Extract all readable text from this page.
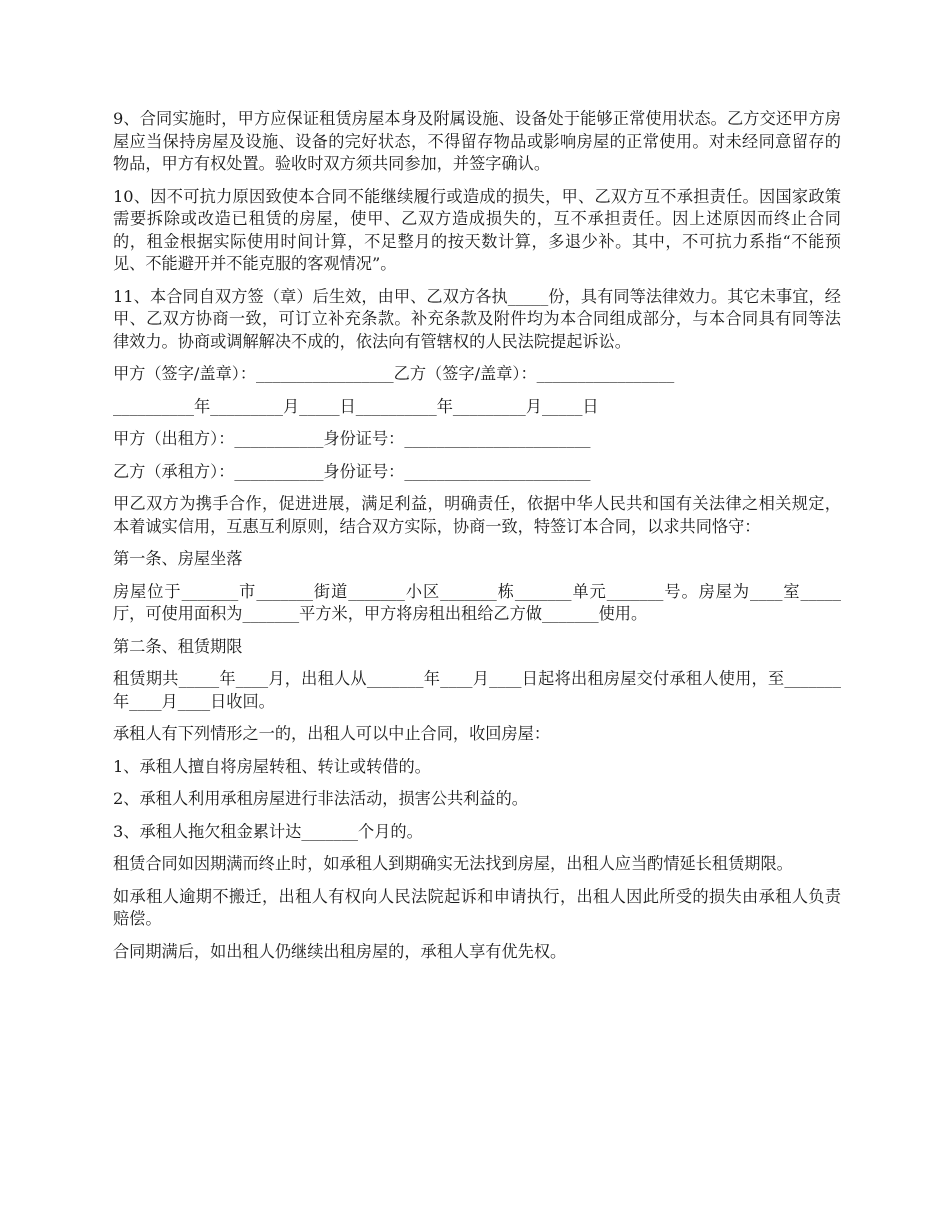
9、合同实施时，甲方应保证租赁房屋本身及附属设施、设备处于能够正常使用状态。乙方交还甲方房屋应当保持房屋及设施、设备的完好状态，不得留存物品或影响房屋的正常使用。对未经同意留存的物品，甲方有权处置。验收时双方须共同参加，并签字确认。

10、因不可抗力原因致使本合同不能继续履行或造成的损失，甲、乙双方互不承担责任。因国家政策需要拆除或改造已租赁的房屋，使甲、乙双方造成损失的，互不承担责任。因上述原因而终止合同的，租金根据实际使用时间计算，不足整月的按天数计算，多退少补。其中，不可抗力系指“不能预见、不能避开并不能克服的客观情况”。

11、本合同自双方签（章）后生效，由甲、乙双方各执_____份，具有同等法律效力。其它未事宜，经甲、乙双方协商一致，可订立补充条款。补充条款及附件均为本合同组成部分，与本合同具有同等法律效力。协商或调解解决不成的，依法向有管辖权的人民法院提起诉讼。

甲方（签字/盖章）：_________________乙方（签字/盖章）：_________________

__________年_________月_____日__________年_________月_____日

甲方（出租方）：___________身份证号：_______________________

乙方（承租方）：___________身份证号：_______________________

甲乙双方为携手合作，促进进展，满足利益，明确责任，依据中华人民共和国有关法律之相关规定，本着诚实信用，互惠互利原则，结合双方实际，协商一致，特签订本合同，以求共同恪守：

第一条、房屋坐落

房屋位于_______市_______街道_______小区_______栋_______单元_______号。房屋为____室_____厅，可使用面积为_______平方米，甲方将房租出租给乙方做_______使用。

第二条、租赁期限

租赁期共_____年____月，出租人从_______年____月____日起将出租房屋交付承租人使用，至_______年____月____日收回。

承租人有下列情形之一的，出租人可以中止合同，收回房屋：

1、承租人擅自将房屋转租、转让或转借的。

2、承租人利用承租房屋进行非法活动，损害公共利益的。

3、承租人拖欠租金累计达_______个月的。

租赁合同如因期满而终止时，如承租人到期确实无法找到房屋，出租人应当酌情延长租赁期限。

如承租人逾期不搬迁，出租人有权向人民法院起诉和申请执行，出租人因此所受的损失由承租人负责赔偿。

合同期满后，如出租人仍继续出租房屋的，承租人享有优先权。
